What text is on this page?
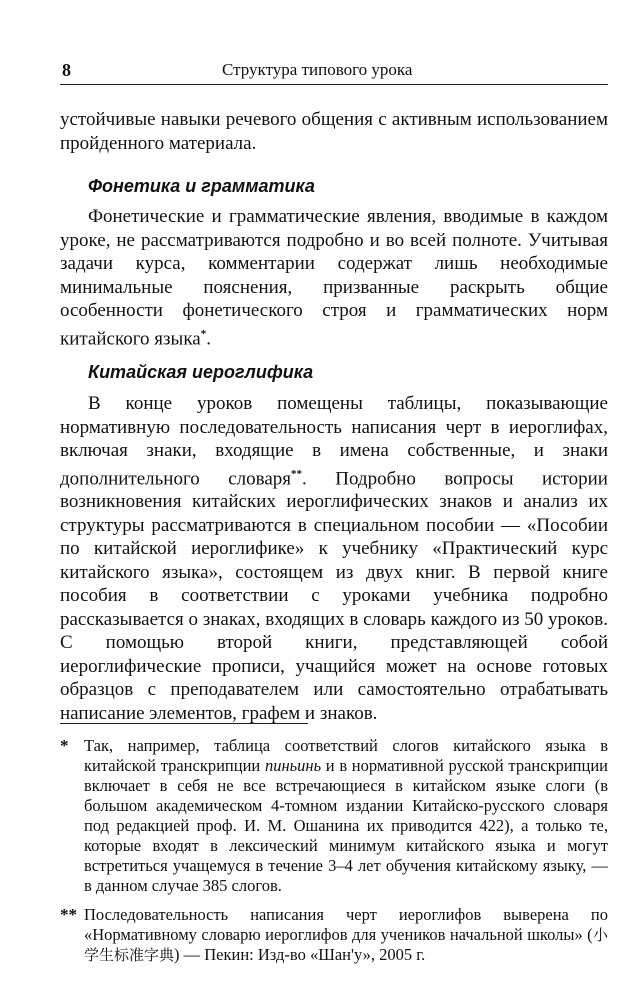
8	Структура типового урока

устойчивые навыки речевого общения с активным использованием пройденного материала.

Фонетика и грамматика

Фонетические и грамматические явления, вводимые в каждом уроке, не рассматриваются подробно и во всей полноте. Учитывая задачи курса, комментарии содержат лишь необходимые минимальные пояснения, призванные раскрыть общие особенности фонетического строя и грамматических норм китайского языка*.

Китайская иероглифика

В конце уроков помещены таблицы, показывающие нормативную последовательность написания черт в иероглифах, включая знаки, входящие в имена собственные, и знаки дополнительного словаря**. Подробно вопросы истории возникновения китайских иероглифических знаков и анализ их структуры рассматриваются в специальном пособии — «Пособии по китайской иероглифике» к учебнику «Практический курс китайского языка», состоящем из двух книг. В первой книге пособия в соответствии с уроками учебника подробно рассказывается о знаках, входящих в словарь каждого из 50 уроков. С помощью второй книги, представляющей собой иероглифические прописи, учащийся может на основе готовых образцов с преподавателем или самостоятельно отрабатывать написание элементов, графем и знаков.

* Так, например, таблица соответствий слогов китайского языка в китайской транскрипции пиньинь и в нормативной русской транскрипции включает в себя не все встречающиеся в китайском языке слоги (в большом академическом 4-томном издании Китайско-русского словаря под редакцией проф. И. М. Ошанина их приводится 422), а только те, которые входят в лексический минимум китайского языка и могут встретиться учащемуся в течение 3–4 лет обучения китайскому языку, — в данном случае 385 слогов.
** Последовательность написания черт иероглифов выверена по «Нормативному словарю иероглифов для учеников начальной школы» (小学生标准字典) — Пекин: Изд-во «Шан'у», 2005 г.
